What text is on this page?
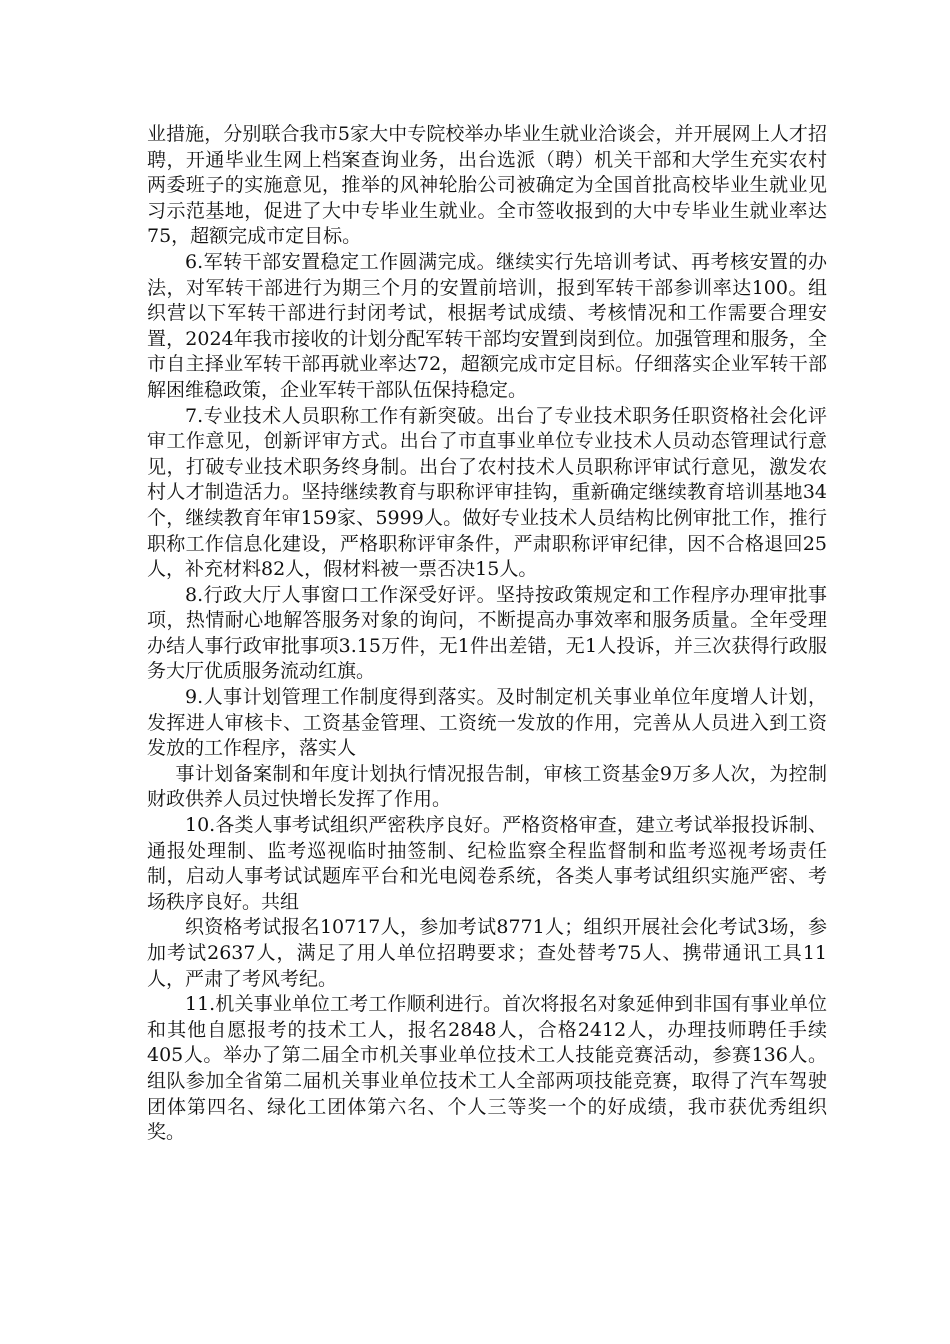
业措施，分别联合我市5家大中专院校举办毕业生就业洽谈会，并开展网上人才招聘，开通毕业生网上档案查询业务，出台选派（聘）机关干部和大学生充实农村两委班子的实施意见，推举的风神轮胎公司被确定为全国首批高校毕业生就业见习示范基地，促进了大中专毕业生就业。全市签收报到的大中专毕业生就业率达75，超额完成市定目标。

6.军转干部安置稳定工作圆满完成。继续实行先培训考试、再考核安置的办法，对军转干部进行为期三个月的安置前培训，报到军转干部参训率达100。组织营以下军转干部进行封闭考试，根据考试成绩、考核情况和工作需要合理安置，2024年我市接收的计划分配军转干部均安置到岗到位。加强管理和服务，全市自主择业军转干部再就业率达72，超额完成市定目标。仔细落实企业军转干部解困维稳政策，企业军转干部队伍保持稳定。

7.专业技术人员职称工作有新突破。出台了专业技术职务任职资格社会化评审工作意见，创新评审方式。出台了市直事业单位专业技术人员动态管理试行意见，打破专业技术职务终身制。出台了农村技术人员职称评审试行意见，激发农村人才制造活力。坚持继续教育与职称评审挂钩，重新确定继续教育培训基地34个，继续教育年审159家、5999人。做好专业技术人员结构比例审批工作，推行职称工作信息化建设，严格职称评审条件，严肃职称评审纪律，因不合格退回25人，补充材料82人，假材料被一票否决15人。

8.行政大厅人事窗口工作深受好评。坚持按政策规定和工作程序办理审批事项，热情耐心地解答服务对象的询问，不断提高办事效率和服务质量。全年受理办结人事行政审批事项3.15万件，无1件出差错，无1人投诉，并三次获得行政服务大厅优质服务流动红旗。

9.人事计划管理工作制度得到落实。及时制定机关事业单位年度增人计划，发挥进人审核卡、工资基金管理、工资统一发放的作用，完善从人员进入到工资发放的工作程序，落实人

事计划备案制和年度计划执行情况报告制，审核工资基金9万多人次，为控制财政供养人员过快增长发挥了作用。

10.各类人事考试组织严密秩序良好。严格资格审查，建立考试举报投诉制、通报处理制、监考巡视临时抽签制、纪检监察全程监督制和监考巡视考场责任制，启动人事考试试题库平台和光电阅卷系统，各类人事考试组织实施严密、考场秩序良好。共组

织资格考试报名10717人，参加考试8771人；组织开展社会化考试3场，参加考试2637人，满足了用人单位招聘要求；查处替考75人、携带通讯工具11人，严肃了考风考纪。

11.机关事业单位工考工作顺利进行。首次将报名对象延伸到非国有事业单位和其他自愿报考的技术工人，报名2848人，合格2412人，办理技师聘任手续405人。举办了第二届全市机关事业单位技术工人技能竞赛活动，参赛136人。组队参加全省第二届机关事业单位技术工人全部两项技能竞赛，取得了汽车驾驶团体第四名、绿化工团体第六名、个人三等奖一个的好成绩，我市获优秀组织奖。
